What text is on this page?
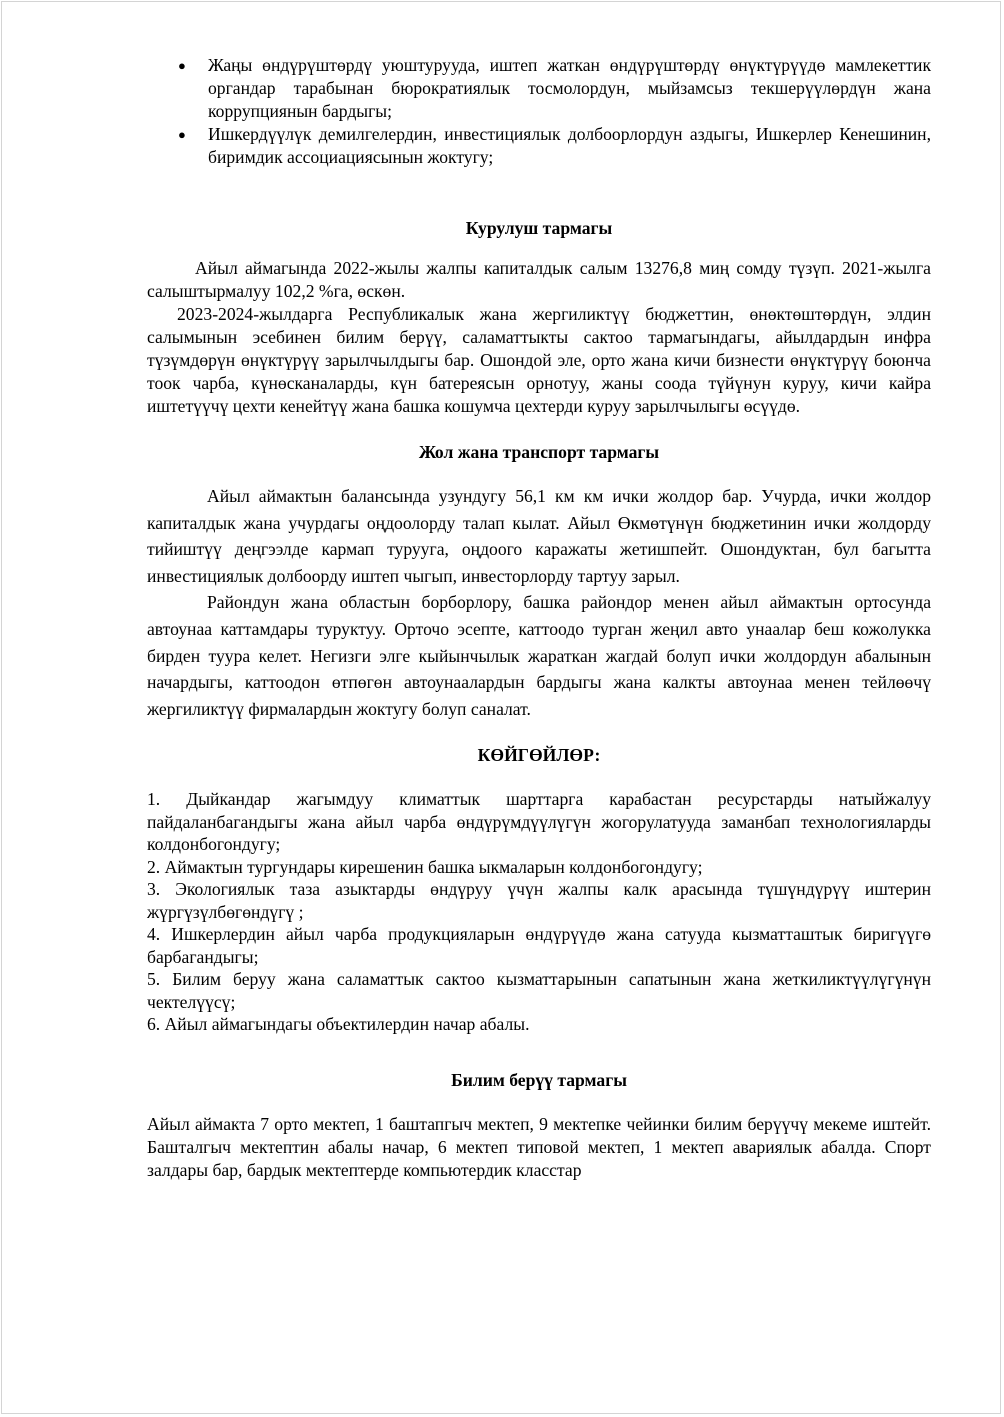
● Жаңы өндүрүштөрдү уюштурууда, иштеп жаткан өндүрүштөрдү өнүктүрүүдө мамлекеттик органдар тарабынан бюрократиялык тосмолордун, мыйзамсыз текшерүүлөрдүн жана коррупциянын бардыгы;
● Ишкердүүлүк демилгелердин, инвестициялык долбоорлордун аздыгы, Ишкерлер Кенешинин, биримдик ассоциациясынын жоктугу;

Курулуш тармагы

Айыл аймагында 2022-жылы жалпы капиталдык салым 13276,8 миң сомду түзүп. 2021-жылга салыштырмалуу 102,2 %га, өскөн.

2023-2024-жылдарга Республикалык жана жергиликтүү бюджеттин, өнөктөштөрдүн, элдин салымынын эсебинен билим берүү, саламаттыкты сактоо тармагындагы, айылдардын инфра түзүмдөрүн өнүктүрүү зарылчылдыгы бар. Ошондой эле, орто жана кичи бизнести өнүктүрүү боюнча тоок чарба, күнөсканаларды, күн батереясын орнотуу, жаны соода түйүнун куруу, кичи кайра иштетүүчү цехти кенейтүү жана башка кошумча цехтерди куруу зарылчылыгы өсүүдө.

Жол жана транспорт тармагы

Айыл аймактын балансында узундугу 56,1 км км ички жолдор бар. Учурда, ички жолдор капиталдык жана учурдагы оңдоолорду талап кылат. Айыл Өкмөтүнүн бюджетинин ички жолдорду тийиштүү деңгээлде кармап турууга, оңдоого каражаты жетишпейт. Ошондуктан, бул багытта инвестициялык долбоорду иштеп чыгып, инвесторлорду тартуу зарыл.

Райондун жана областын борборлору, башка райондор менен айыл аймактын ортосунда автоунаа каттамдары туруктуу. Орточо эсепте, каттоодо турган жеңил авто унаалар беш кожолукка бирден туура келет. Негизги элге кыйынчылык жараткан жагдай болуп ички жолдордун абалынын начардыгы, каттоодон өтпөгөн автоунаалардын бардыгы жана калкты автоунаа менен тейлөөчү жергиликтүү фирмалардын жоктугу болуп саналат.

КӨЙГӨЙЛӨР:

1. Дыйкандар жагымдуу климаттык шарттарга карабастан ресурстарды натыйжалуу пайдаланбагандыгы жана айыл чарба өндүрүмдүүлүгүн жогорулатууда заманбап технологияларды колдонбогондугу;

2. Аймактын тургундары кирешенин башка ыкмаларын колдонбогондугу;

3. Экологиялык таза азыктарды өндүруу үчүн жалпы калк арасында түшүндүрүү иштерин жүргүзүлбөгөндүгү ;

4. Ишкерлердин айыл чарба продукцияларын өндүрүүдө жана сатууда кызматташтык биригүүгө барбагандыгы;

5. Билим беруу жана саламаттык сактоо кызматтарынын сапатынын жана жеткиликтүүлүгүнүн чектелүүсү;

6. Айыл аймагындагы объектилердин начар абалы.

Билим берүү тармагы

Айыл аймакта 7 орто мектеп, 1 баштапгыч мектеп, 9 мектепке чейинки билим берүүчү мекеме иштейт. Башталгыч мектептин абалы начар, 6 мектеп типовой мектеп, 1 мектеп авариялык абалда. Спорт залдары бар, бардык мектептерде компьютердик класстар
